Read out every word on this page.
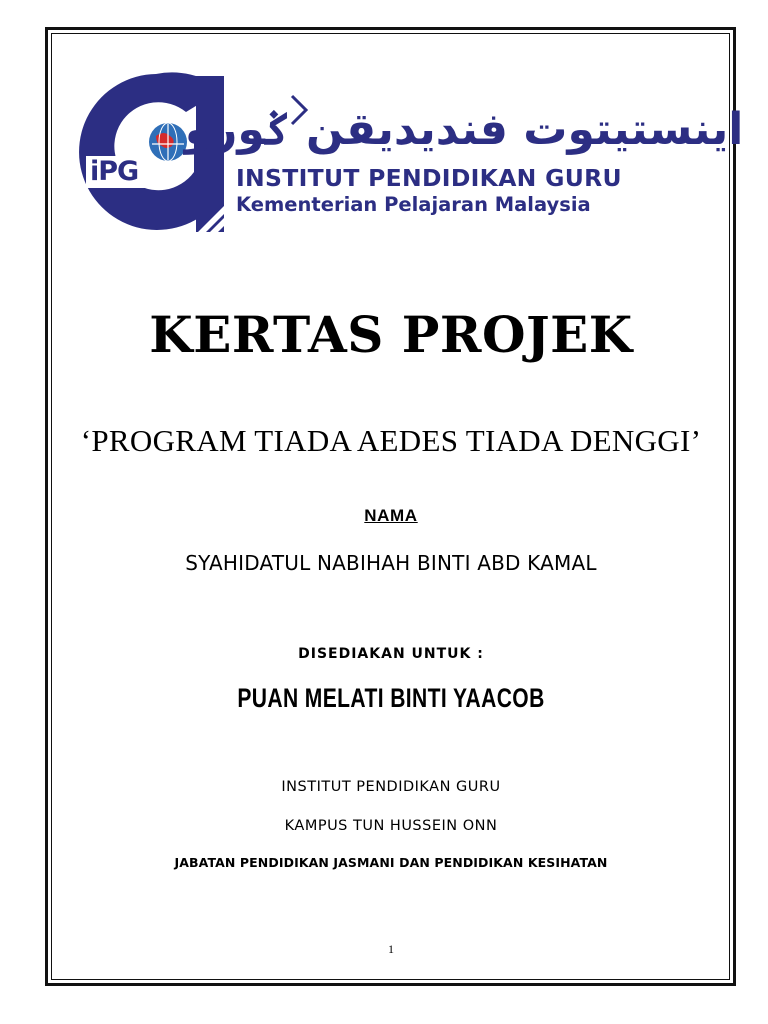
iPG
اينستيتوت فنديديقن ݢورو
INSTITUT PENDIDIKAN GURU
Kementerian Pelajaran Malaysia
KERTAS PROJEK
‘PROGRAM TIADA AEDES TIADA DENGGI’
NAMA
SYAHIDATUL NABIHAH BINTI ABD KAMAL
DISEDIAKAN UNTUK :
PUAN MELATI BINTI YAACOB
INSTITUT PENDIDIKAN GURU
KAMPUS TUN HUSSEIN ONN
JABATAN PENDIDIKAN JASMANI DAN PENDIDIKAN KESIHATAN
1
